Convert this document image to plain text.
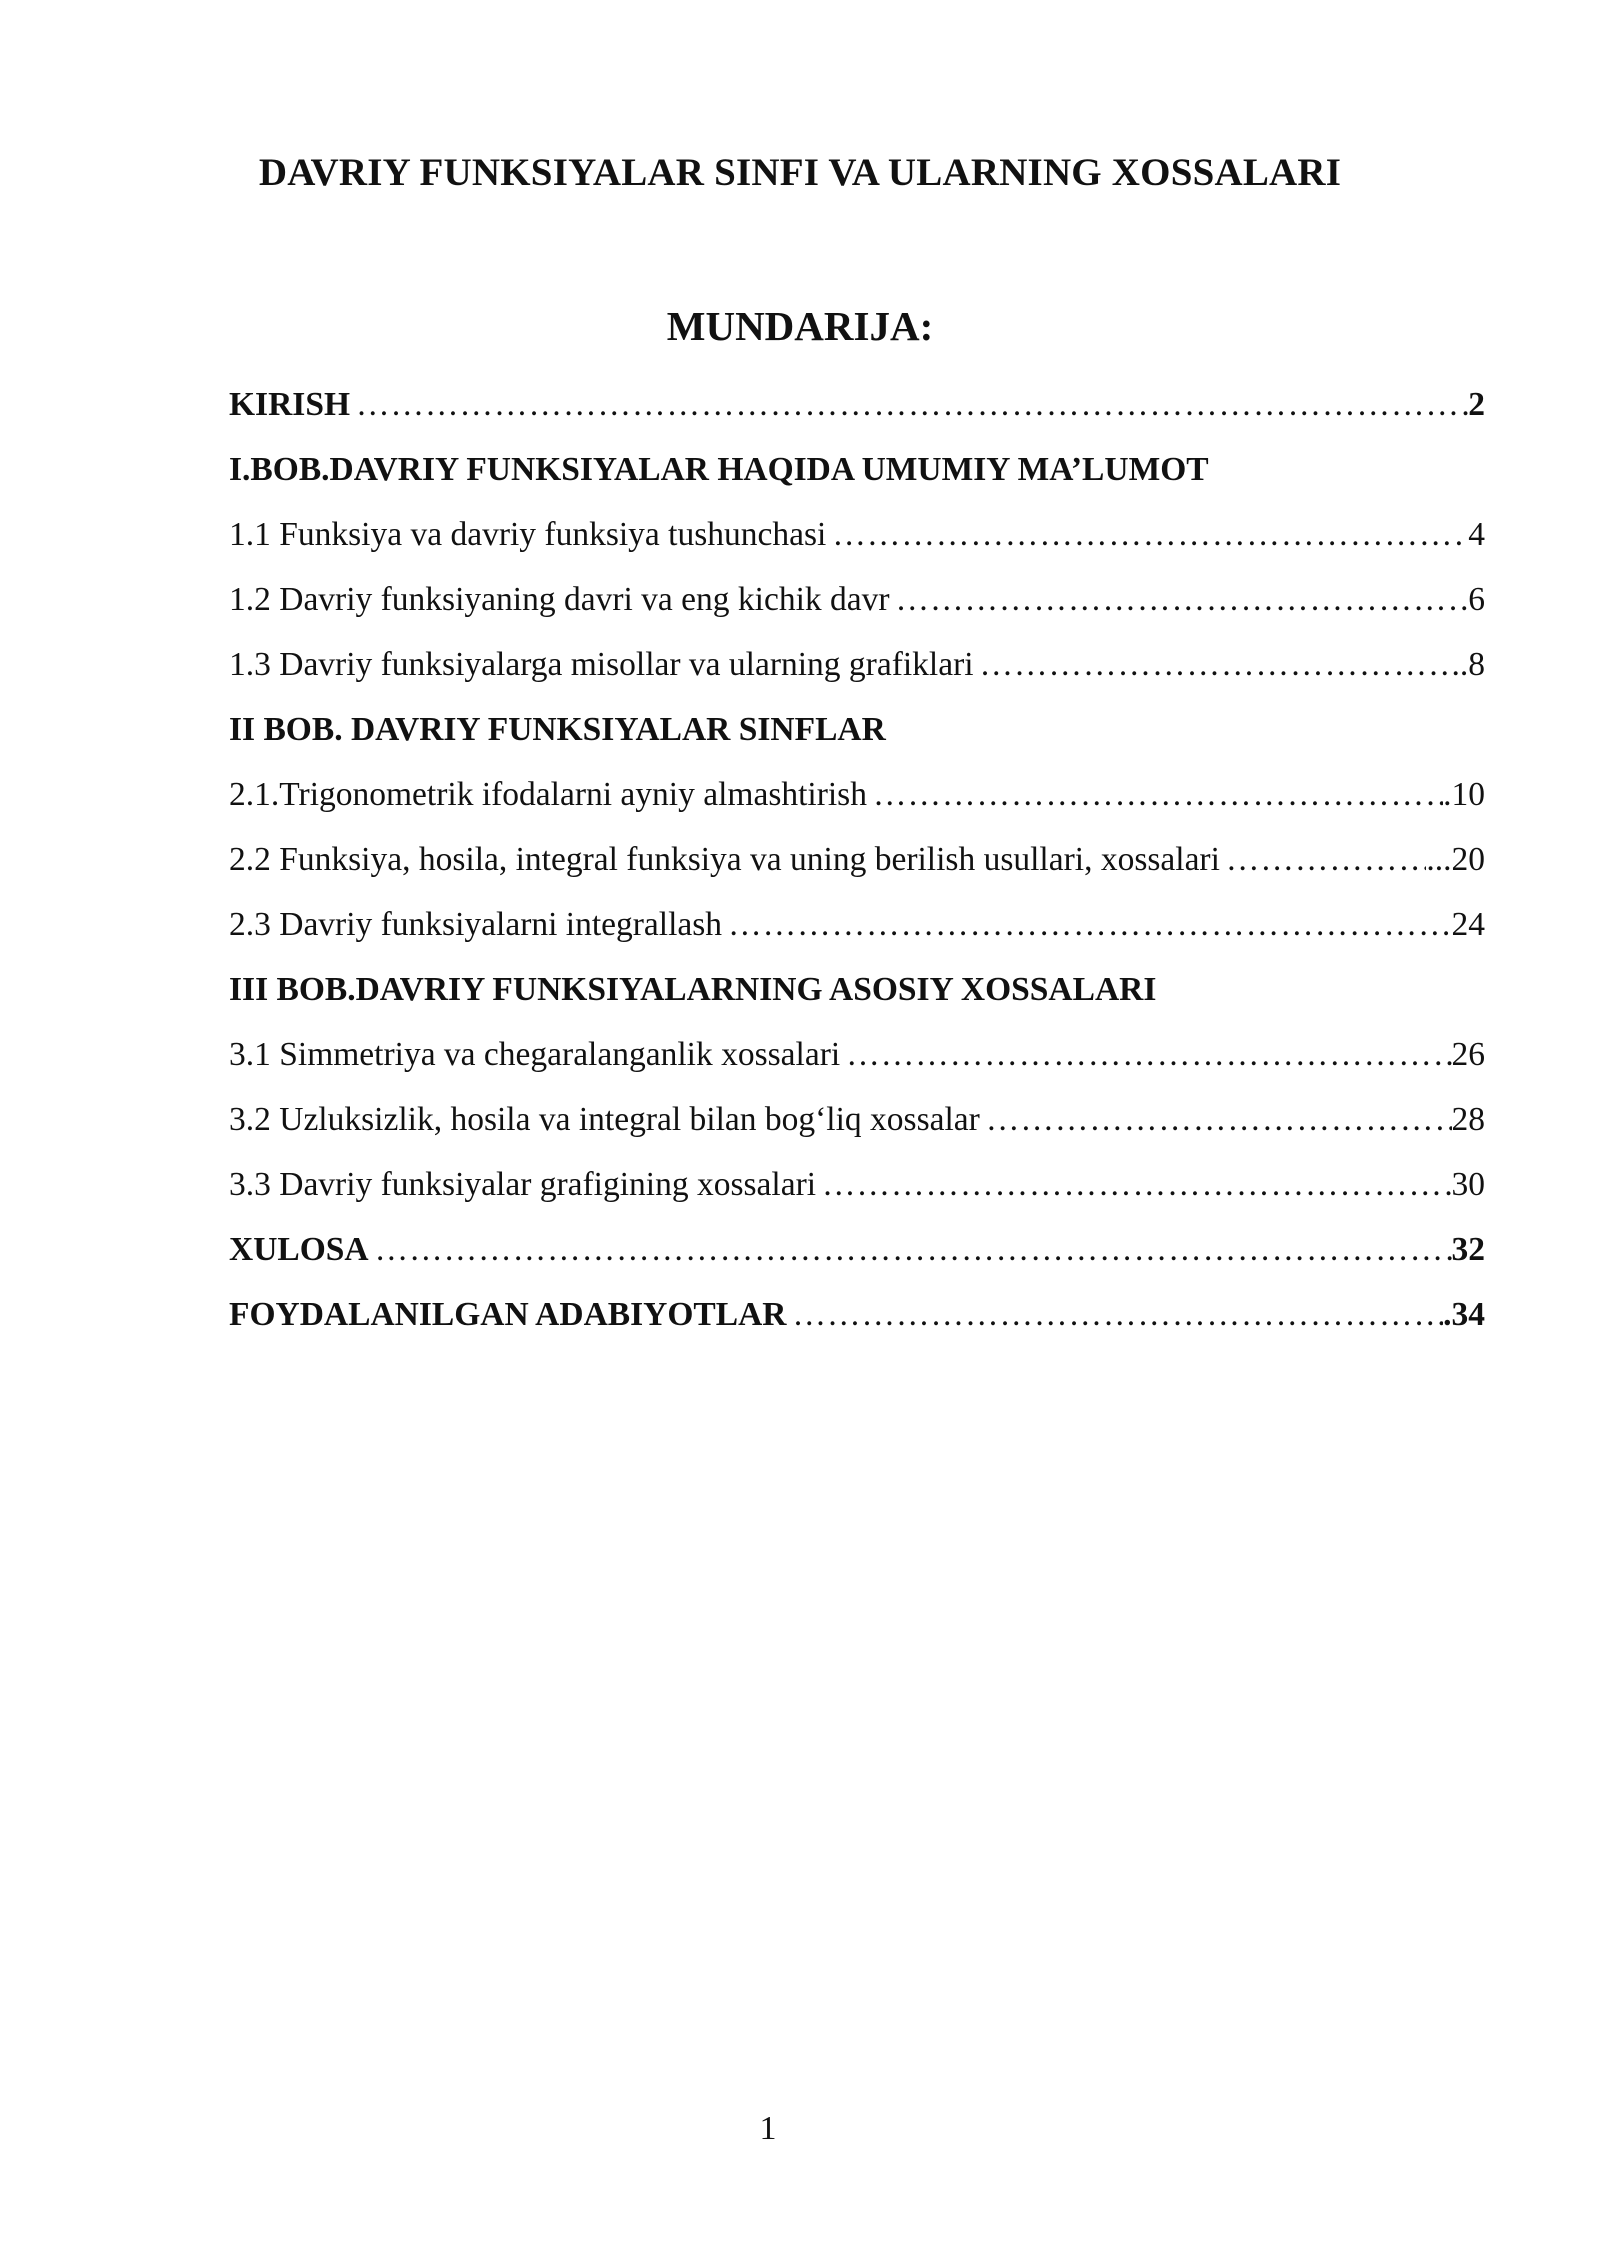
DAVRIY FUNKSIYALAR SINFI VA ULARNING XOSSALARI
MUNDARIJA:
KIRISH …………………………………………………………………………………………………………………………………………………………………………………………………………	2
I.BOB.DAVRIY FUNKSIYALAR HAQIDA UMUMIY MA’LUMOT
1.1 Funksiya va davriy funksiya tushunchasi …………………………………………………………………………………………………………………………………………………………………………………………………………	4
1.2 Davriy funksiyaning davri va eng kichik davr …………………………………………………………………………………………………………………………………………………………………………………………………………	6
1.3 Davriy funksiyalarga misollar va ularning grafiklari …………………………………………………………………………………………………………………………………………………………………………………………………………	..8
II BOB. DAVRIY FUNKSIYALAR SINFLAR
2.1.Trigonometrik ifodalarni ayniy almashtirish …………………………………………………………………………………………………………………………………………………………………………………………………………	.10
2.2 Funksiya, hosila, integral funksiya va uning berilish usullari, xossalari …………………………………………………………………………………………………………………………………………………………………………………………………………	...20
2.3 Davriy funksiyalarni integrallash …………………………………………………………………………………………………………………………………………………………………………………………………………	24
III BOB.DAVRIY FUNKSIYALARNING ASOSIY XOSSALARI
3.1 Simmetriya va chegaralanganlik xossalari …………………………………………………………………………………………………………………………………………………………………………………………………………	26
3.2 Uzluksizlik, hosila va integral bilan bog‘liq xossalar …………………………………………………………………………………………………………………………………………………………………………………………………………	28
3.3 Davriy funksiyalar grafigining xossalari …………………………………………………………………………………………………………………………………………………………………………………………………………	30
XULOSA …………………………………………………………………………………………………………………………………………………………………………………………………………	32
FOYDALANILGAN ADABIYOTLAR …………………………………………………………………………………………………………………………………………………………………………………………………………	.34
1
